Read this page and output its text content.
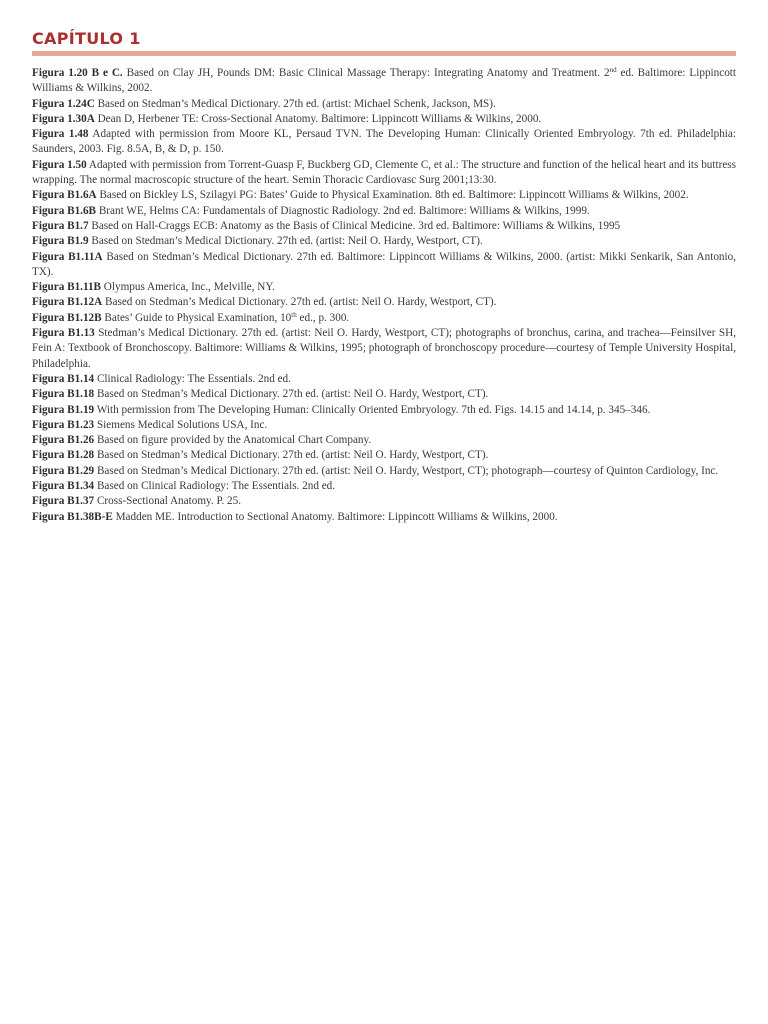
CAPÍTULO 1

Figura 1.20 B e C. Based on Clay JH, Pounds DM: Basic Clinical Massage Therapy: Integrating Anatomy and Treatment. 2nd ed. Baltimore: Lippincott Williams & Wilkins, 2002.

Figura 1.24C Based on Stedman’s Medical Dictionary. 27th ed. (artist: Michael Schenk, Jackson, MS).

Figura 1.30A Dean D, Herbener TE: Cross-Sectional Anatomy. Baltimore: Lippincott Williams & Wilkins, 2000.

Figura 1.48 Adapted with permission from Moore KL, Persaud TVN. The Developing Human: Clinically Oriented Embryology. 7th ed. Philadelphia: Saunders, 2003. Fig. 8.5A, B, & D, p. 150.

Figura 1.50 Adapted with permission from Torrent-Guasp F, Buckberg GD, Clemente C, et al.: The structure and function of the helical heart and its buttress wrapping. The normal macroscopic structure of the heart. Semin Thoracic Cardiovasc Surg 2001;13:30.

Figura B1.6A Based on Bickley LS, Szilagyi PG: Bates’ Guide to Physical Examination. 8th ed. Baltimore: Lippincott Williams & Wilkins, 2002.

Figura B1.6B Brant WE, Helms CA: Fundamentals of Diagnostic Radiology. 2nd ed. Baltimore: Williams & Wilkins, 1999.

Figura B1.7 Based on Hall-Craggs ECB: Anatomy as the Basis of Clinical Medicine. 3rd ed. Baltimore: Williams & Wilkins, 1995

Figura B1.9 Based on Stedman’s Medical Dictionary. 27th ed. (artist: Neil O. Hardy, Westport, CT).

Figura B1.11A Based on Stedman’s Medical Dictionary. 27th ed. Baltimore: Lippincott Williams & Wilkins, 2000. (artist: Mikki Senkarik, San Antonio, TX).

Figura B1.11B Olympus America, Inc., Melville, NY.

Figura B1.12A Based on Stedman’s Medical Dictionary. 27th ed. (artist: Neil O. Hardy, Westport, CT).

Figura B1.12B Bates’ Guide to Physical Examination, 10th ed., p. 300.

Figura B1.13 Stedman’s Medical Dictionary. 27th ed. (artist: Neil O. Hardy, Westport, CT); photographs of bronchus, carina, and trachea—Feinsilver SH, Fein A: Textbook of Bronchoscopy. Baltimore: Williams & Wilkins, 1995; photograph of bronchoscopy procedure—courtesy of Temple University Hospital, Philadelphia.

Figura B1.14 Clinical Radiology: The Essentials. 2nd ed.

Figura B1.18 Based on Stedman’s Medical Dictionary. 27th ed. (artist: Neil O. Hardy, Westport, CT).

Figura B1.19 With permission from The Developing Human: Clinically Oriented Embryology. 7th ed. Figs. 14.15 and 14.14, p. 345–346.

Figura B1.23 Siemens Medical Solutions USA, Inc.

Figura B1.26 Based on figure provided by the Anatomical Chart Company.

Figura B1.28 Based on Stedman’s Medical Dictionary. 27th ed. (artist: Neil O. Hardy, Westport, CT).

Figura B1.29 Based on Stedman’s Medical Dictionary. 27th ed. (artist: Neil O. Hardy, Westport, CT); photograph—courtesy of Quinton Cardiology, Inc.

Figura B1.34 Based on Clinical Radiology: The Essentials. 2nd ed.

Figura B1.37 Cross-Sectional Anatomy. P. 25.

Figura B1.38B-E Madden ME. Introduction to Sectional Anatomy. Baltimore: Lippincott Williams & Wilkins, 2000.
